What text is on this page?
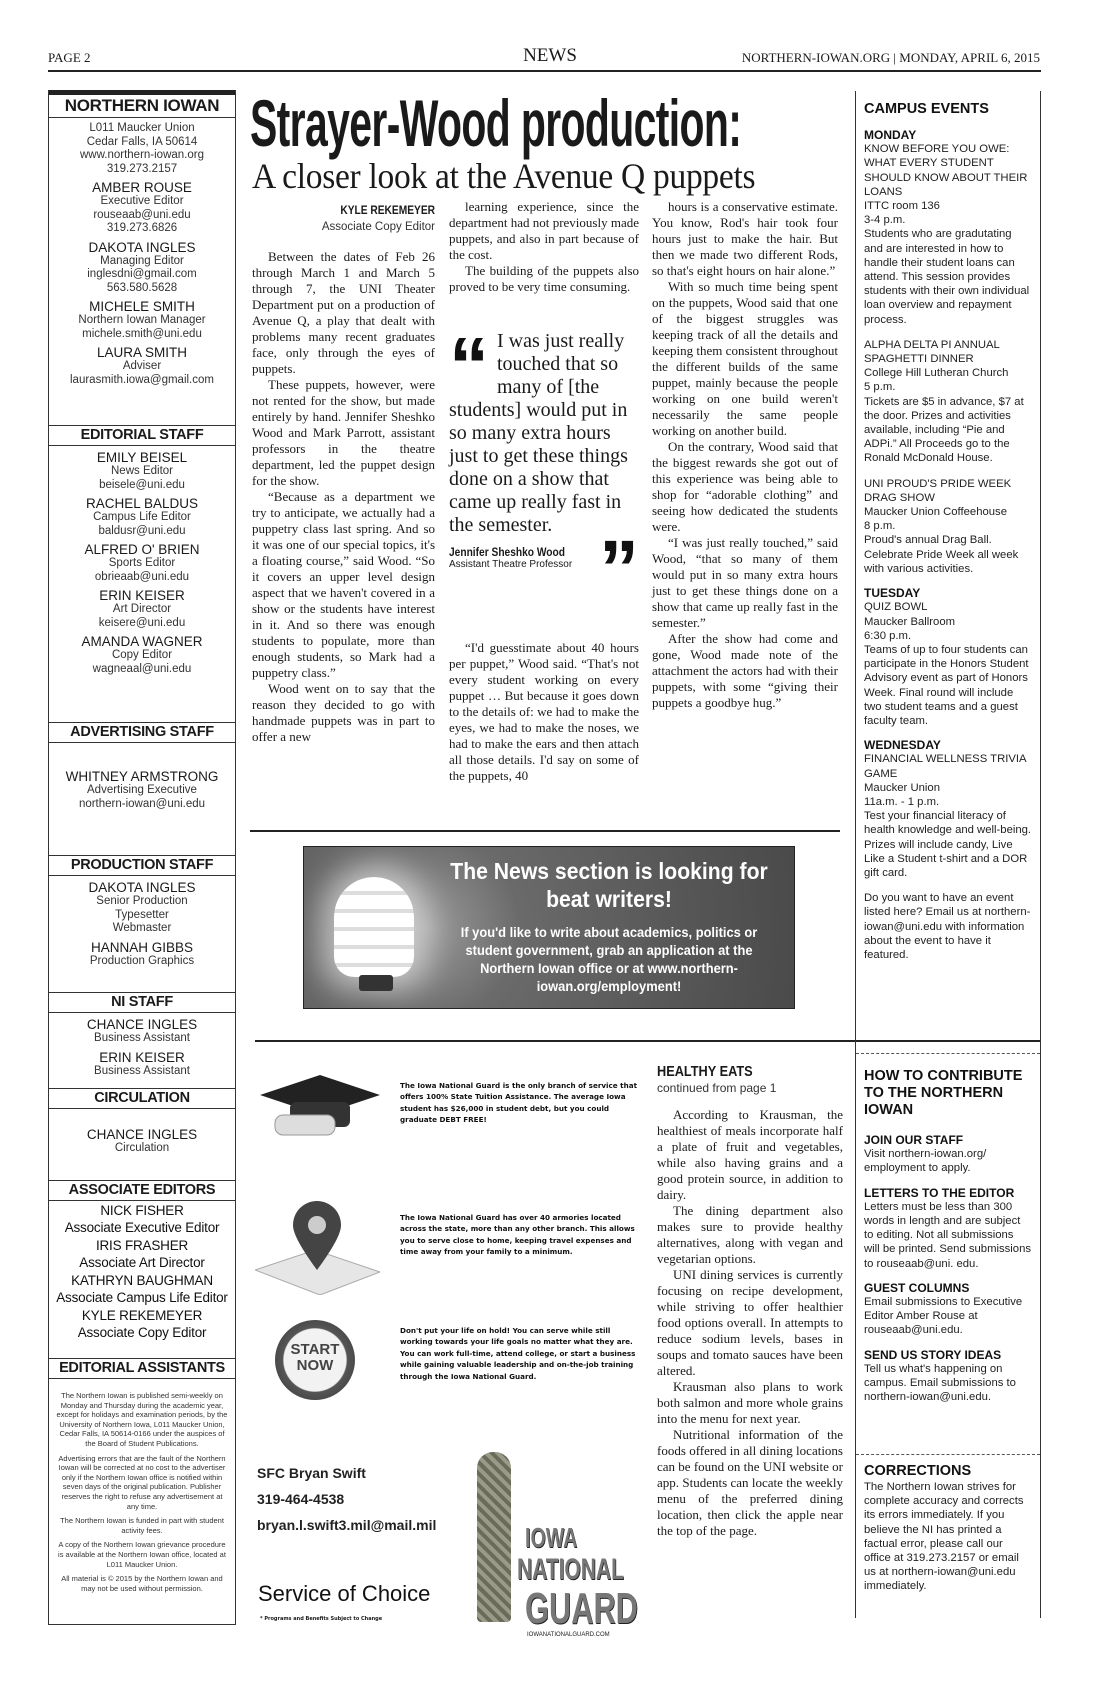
PAGE 2	NEWS	NORTHERN-IOWAN.ORG | MONDAY, APRIL 6, 2015
NORTHERN IOWAN
L011 Maucker Union
Cedar Falls, IA 50614
www.northern-iowan.org
319.273.2157
AMBER ROUSE
Executive Editor
rouseaab@uni.edu
319.273.6826
DAKOTA INGLES
Managing Editor
inglesdni@gmail.com
563.580.5628
MICHELE SMITH
Northern Iowan Manager
michele.smith@uni.edu
LAURA SMITH
Adviser
laurasmith.iowa@gmail.com
EDITORIAL STAFF
EMILY BEISEL
News Editor
beisele@uni.edu
RACHEL BALDUS
Campus Life Editor
baldusr@uni.edu
ALFRED O' BRIEN
Sports Editor
obrieaab@uni.edu
ERIN KEISER
Art Director
keisere@uni.edu
AMANDA WAGNER
Copy Editor
wagneaal@uni.edu
ADVERTISING STAFF
WHITNEY ARMSTRONG
Advertising Executive
northern-iowan@uni.edu
PRODUCTION STAFF
DAKOTA INGLES
Senior Production
Typesetter
Webmaster
HANNAH GIBBS
Production Graphics
NI STAFF
CHANCE INGLES
Business Assistant
ERIN KEISER
Business Assistant
CIRCULATION
CHANCE INGLES
Circulation
ASSOCIATE EDITORS
NICK FISHER
Associate Executive Editor
IRIS FRASHER
Associate Art Director
KATHRYN BAUGHMAN
Associate Campus Life Editor
KYLE REKEMEYER
Associate Copy Editor
EDITORIAL ASSISTANTS

The Northern Iowan is published semi-weekly on Monday and Thursday during the academic year, except for holidays and examination periods, by the University of Northern Iowa, L011 Maucker Union, Cedar Falls, IA 50614-0166 under the auspices of the Board of Student Publications.

Advertising errors that are the fault of the Northern Iowan will be corrected at no cost to the advertiser only if the Northern Iowan office is notified within seven days of the original publication. Publisher reserves the right to refuse any advertisement at any time.

The Northern Iowan is funded in part with student activity fees.

A copy of the Northern Iowan grievance procedure is available at the Northern Iowan office, located at L011 Maucker Union.

All material is © 2015 by the Northern Iowan and may not be used without permission.

Strayer-Wood production:
A closer look at the Avenue Q puppets
KYLE REKEMEYER
Associate Copy Editor

Between the dates of Feb 26 through March 1 and March 5 through 7, the UNI Theater Department put on a production of Avenue Q, a play that dealt with problems many recent graduates face, only through the eyes of puppets.

These puppets, however, were not rented for the show, but made entirely by hand. Jennifer Sheshko Wood and Mark Parrott, assistant professors in the theatre department, led the puppet design for the show.

“Because as a department we try to anticipate, we actually had a puppetry class last spring. And so it was one of our special topics, it's a floating course,” said Wood. “So it covers an upper level design aspect that we haven't covered in a show or the students have interest in it. And so there was enough students to populate, more than enough students, so Mark had a puppetry class.”

Wood went on to say that the reason they decided to go with handmade puppets was in part to offer a new

learning experience, since the department had not previously made puppets, and also in part because of the cost.

The building of the puppets also proved to be very time consuming.

“ I was just really touched that so many of [the students] would put in so many extra hours just to get these things done on a show that came up really fast in the semester.
Jennifer Sheshko Wood
Assistant Theatre Professor ”

“I'd guesstimate about 40 hours per puppet,” Wood said. “That's not every student working on every puppet … But because it goes down to the details of: we had to make the eyes, we had to make the noses, we had to make the ears and then attach all those details. I'd say on some of the puppets, 40

hours is a conservative estimate. You know, Rod's hair took four hours just to make the hair. But then we made two different Rods, so that's eight hours on hair alone.”

With so much time being spent on the puppets, Wood said that one of the biggest struggles was keeping track of all the details and keeping them consistent throughout the different builds of the same puppet, mainly because the people working on one build weren't necessarily the same people working on another build.

On the contrary, Wood said that the biggest rewards she got out of this experience was being able to shop for “adorable clothing” and seeing how dedicated the students were.

“I was just really touched,” said Wood, “that so many of them would put in so many extra hours just to get these things done on a show that came up really fast in the semester.”

After the show had come and gone, Wood made note of the attachment the actors had with their puppets, with some “giving their puppets a goodbye hug.”

The News section is looking for beat writers!
If you'd like to write about academics, politics or student government, grab an application at the Northern Iowan office or at www.northern-iowan.org/employment!
The Iowa National Guard is the only branch of service that offers 100% State Tuition Assistance. The average Iowa student has $26,000 in student debt, but you could graduate DEBT FREE!
The Iowa National Guard has over 40 armories located across the state, more than any other branch. This allows you to serve close to home, keeping travel expenses and time away from your family to a minimum.
START NOW
Don't put your life on hold! You can serve while still working towards your life goals no matter what they are. You can work full-time, attend college, or start a business while gaining valuable leadership and on-the-job training through the Iowa National Guard.
SFC Bryan Swift
319-464-4538
bryan.l.swift3.mil@mail.mil
Service of Choice
* Programs and Benefits Subject to Change
IOWA
NATIONAL
GUARD
IOWANATIONALGUARD.COM
HEALTHY EATS
continued from page 1

According to Krausman, the healthiest of meals incorporate half a plate of fruit and vegetables, while also having grains and a good protein source, in addition to dairy.

The dining department also makes sure to provide healthy alternatives, along with vegan and vegetarian options.

UNI dining services is currently focusing on recipe development, while striving to offer healthier food options overall. In attempts to reduce sodium levels, bases in soups and tomato sauces have been altered.

Krausman also plans to work both salmon and more whole grains into the menu for next year.

Nutritional information of the foods offered in all dining locations can be found on the UNI website or app. Students can locate the weekly menu of the preferred dining location, then click the apple near the top of the page.

CAMPUS EVENTS
MONDAY
KNOW BEFORE YOU OWE: WHAT EVERY STUDENT SHOULD KNOW ABOUT THEIR LOANS
ITTC room 136
3-4 p.m.
Students who are gradutating and are interested in how to handle their student loans can attend. This session provides students with their own individual loan overview and repayment process.
ALPHA DELTA PI ANNUAL SPAGHETTI DINNER
College Hill Lutheran Church
5 p.m.
Tickets are $5 in advance, $7 at the door. Prizes and activities available, including “Pie and ADPi.” All Proceeds go to the Ronald McDonald House.
UNI PROUD'S PRIDE WEEK DRAG SHOW
Maucker Union Coffeehouse
8 p.m.
Proud's annual Drag Ball. Celebrate Pride Week all week with various activities.
TUESDAY
QUIZ BOWL
Maucker Ballroom
6:30 p.m.
Teams of up to four students can participate in the Honors Student Advisory event as part of Honors Week. Final round will include two student teams and a guest faculty team.
WEDNESDAY
FINANCIAL WELLNESS TRIVIA GAME
Maucker Union
11a.m. - 1 p.m.
Test your financial literacy of health knowledge and well-being. Prizes will include candy, Live Like a Student t-shirt and a DOR gift card.
Do you want to have an event listed here? Email us at northern-iowan@uni.edu with information about the event to have it featured.
HOW TO CONTRIBUTE TO THE NORTHERN IOWAN
JOIN OUR STAFF
Visit northern-iowan.org/ employment to apply.
LETTERS TO THE EDITOR
Letters must be less than 300 words in length and are subject to editing. Not all submissions will be printed. Send submissions to rouseaab@uni. edu.
GUEST COLUMNS
Email submissions to Executive Editor Amber Rouse at rouseaab@uni.edu.
SEND US STORY IDEAS
Tell us what's happening on campus. Email submissions to northern-iowan@uni.edu.
CORRECTIONS
The Northern Iowan strives for complete accuracy and corrects its errors immediately. If you believe the NI has printed a factual error, please call our office at 319.273.2157 or email us at northern-iowan@uni.edu immediately.
